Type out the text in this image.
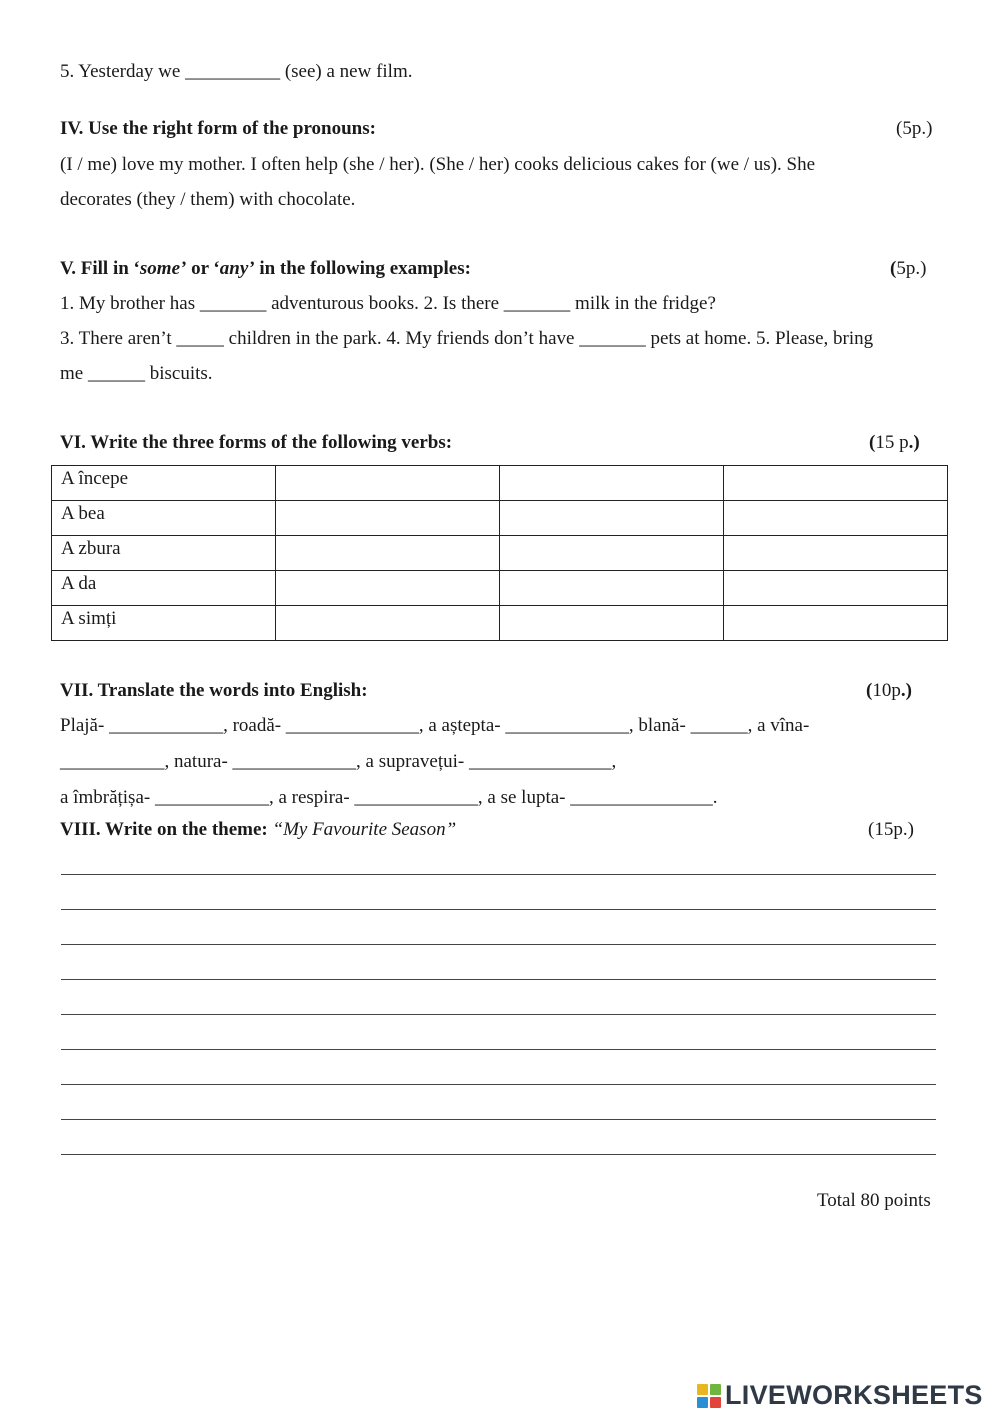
5. Yesterday we __________ (see) a new film.
IV. Use the right form of the pronouns:	(5p.)
(I / me) love my mother. I often help (she / her). (She / her) cooks delicious cakes for (we / us). She
decorates (they / them) with chocolate.
V. Fill in ‘some’ or ‘any’ in the following examples:	(5p.)
1. My brother has _______ adventurous books. 2. Is there _______ milk in the fridge?
3. There aren’t _____ children in the park. 4. My friends don’t have _______ pets at home. 5. Please, bring
me ______ biscuits.
VI. Write the three forms of the following verbs:	(15 p.)
A începe			
A bea			
A zbura			
A da			
A simți			
VII. Translate the words into English:	(10p.)
Plajă- ____________, roadă- ______________, a aștepta- _____________, blană- ______, a vîna-
___________, natura- _____________, a supravețui- _______________,
a îmbrățișa- ____________, a respira- _____________, a se lupta- _______________.
VIII. Write on the theme: “My Favourite Season”	(15p.)
Total 80 points
LIVEWORKSHEETS
